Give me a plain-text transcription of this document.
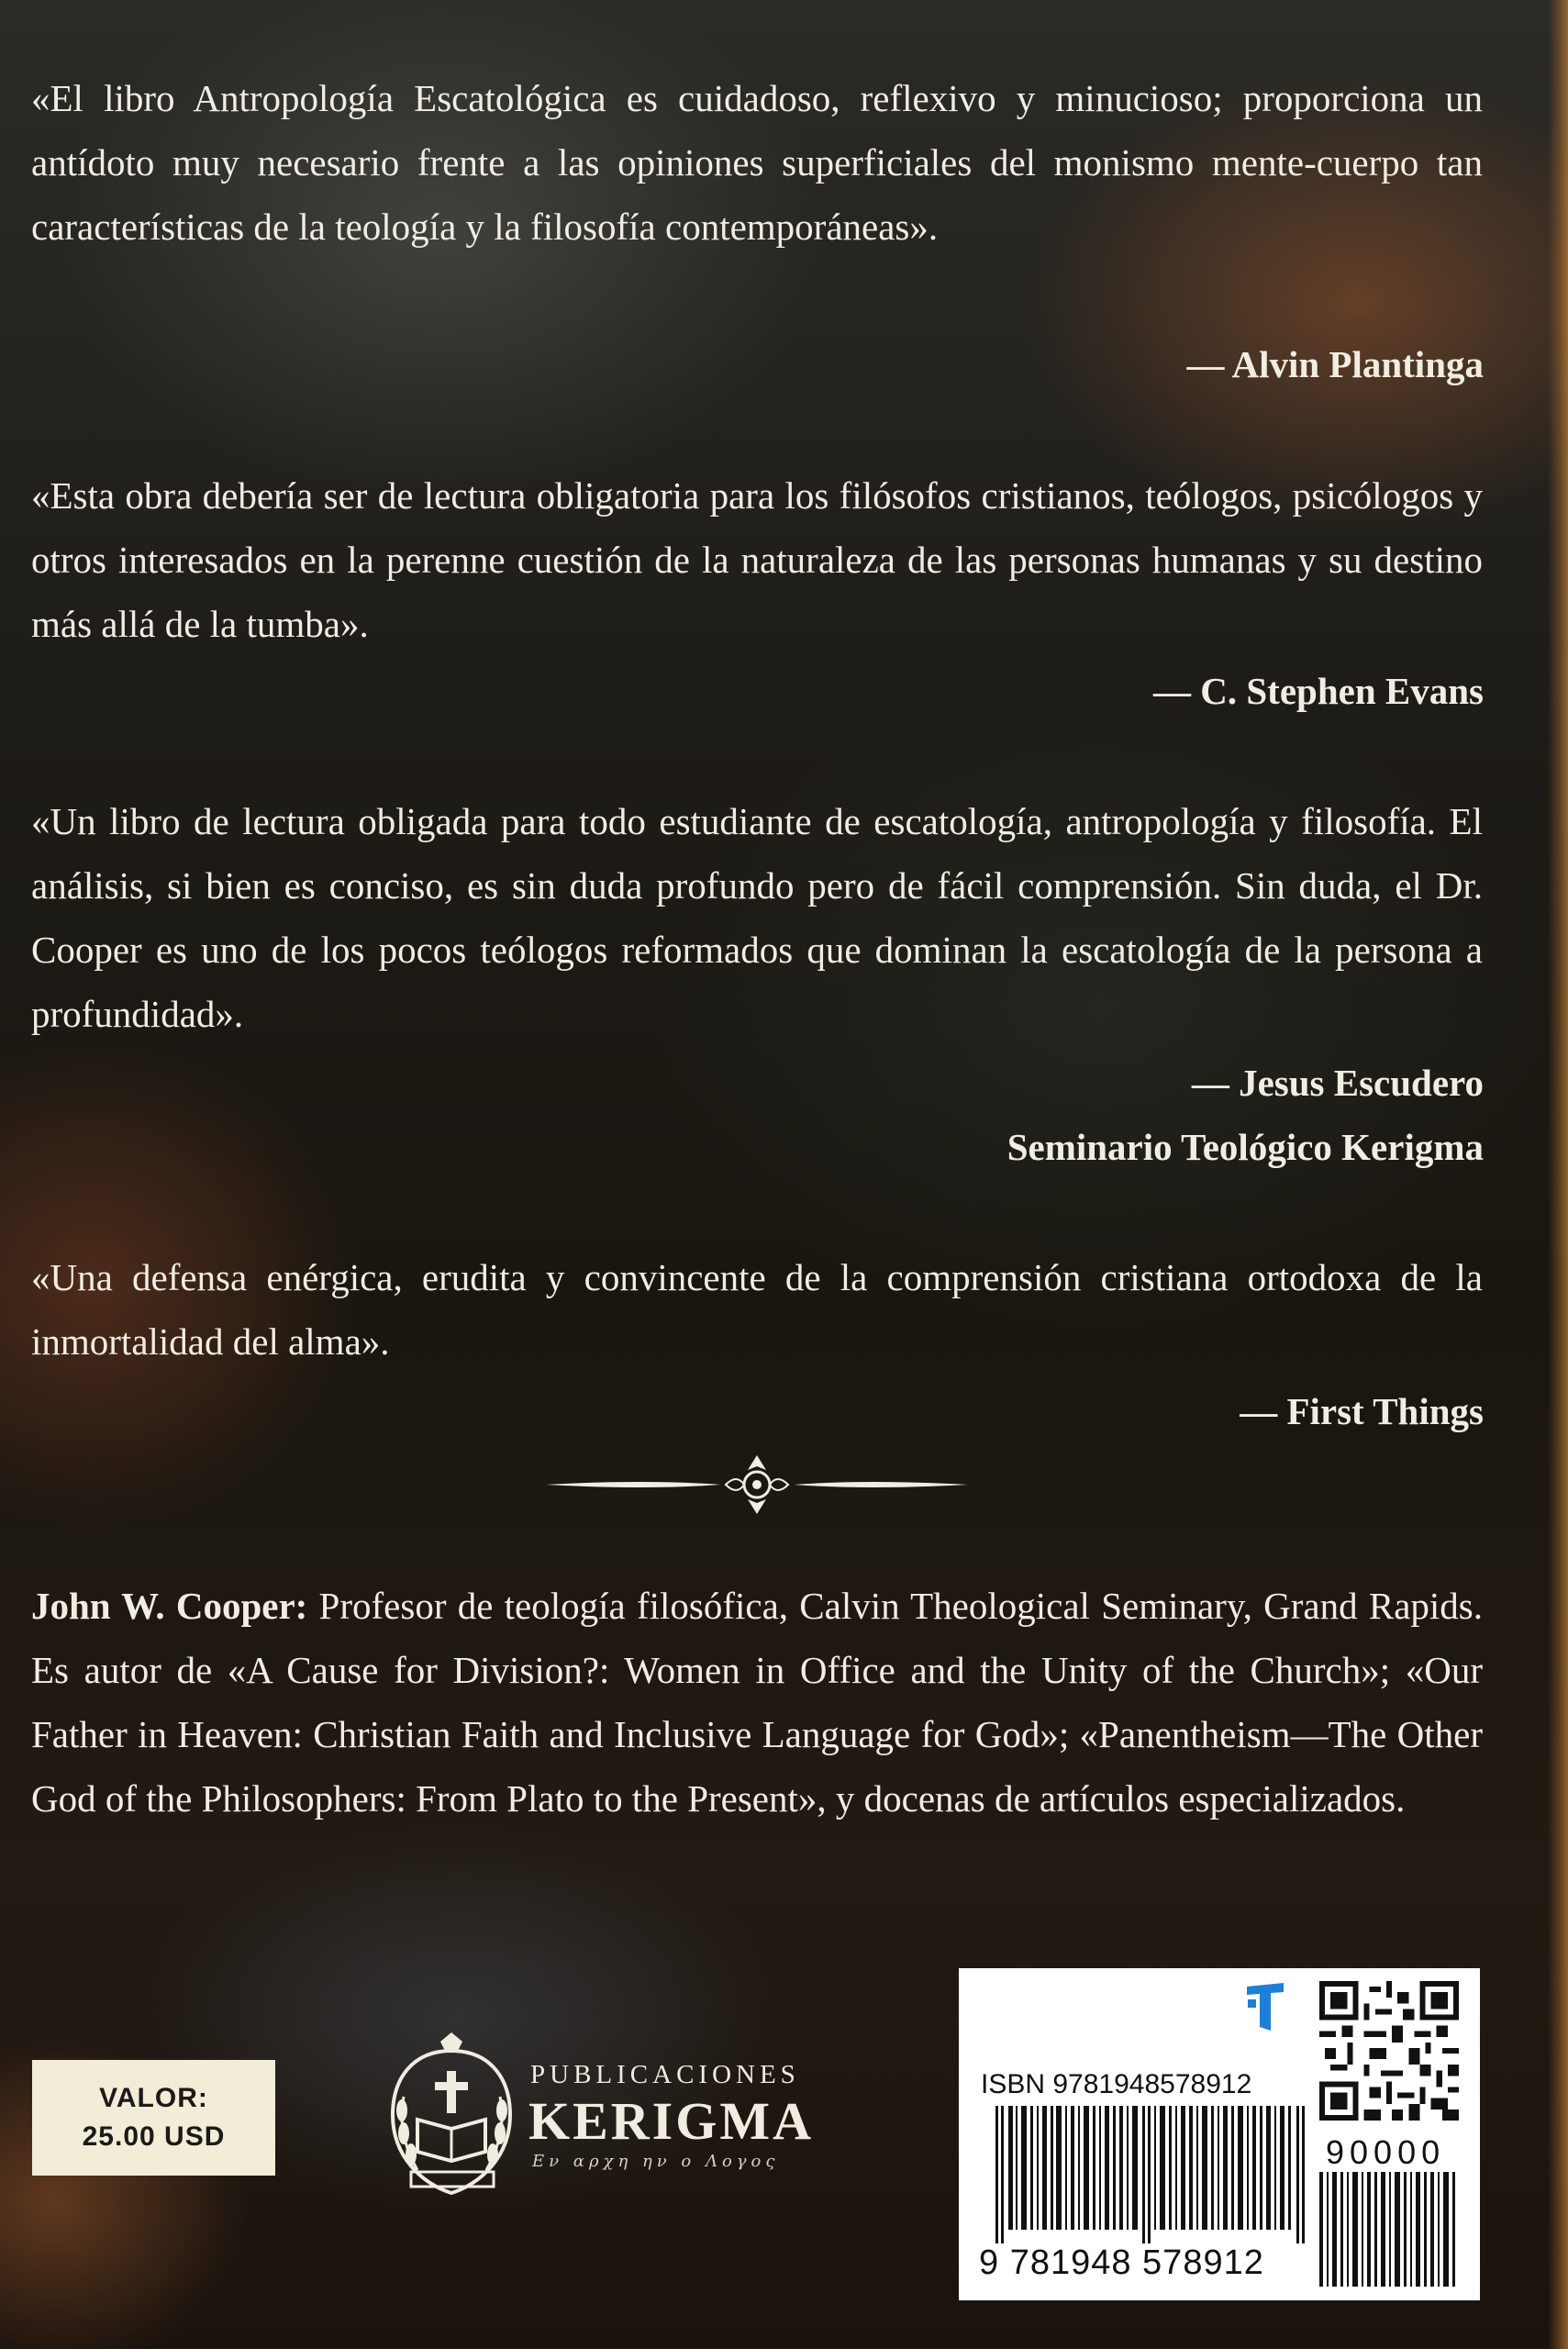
«El libro Antropología Escatológica es cuidadoso, reflexivo y minucioso; proporciona un antídoto muy necesario frente a las opiniones superficiales del monismo mente-cuerpo tan características de la teología y la filosofía contemporáneas».
— Alvin Plantinga
«Esta obra debería ser de lectura obligatoria para los filósofos cristianos, teólogos, psicólogos y otros interesados en la perenne cuestión de la naturaleza de las personas humanas y su destino más allá de la tumba».
— C. Stephen Evans
«Un libro de lectura obligada para todo estudiante de escatología, antropología y filosofía. El análisis, si bien es conciso, es sin duda profundo pero de fácil comprensión. Sin duda, el Dr. Cooper es uno de los pocos teólogos reformados que dominan la escatología de la persona a profundidad».
— Jesus Escudero
Seminario Teológico Kerigma
«Una defensa enérgica, erudita y convincente de la comprensión cristiana ortodoxa de la inmortalidad del alma».
— First Things
John W. Cooper: Profesor de teología filosófica, Calvin Theological Seminary, Grand Rapids. Es autor de «A Cause for Division?: Women in Office and the Unity of the Church»; «Our Father in Heaven: Christian Faith and Inclusive Language for God»; «Panentheism—The Other God of the Philosophers: From Plato to the Present», y docenas de artículos especializados.
VALOR:
25.00 USD
PUBLICACIONES
KERIGMA
Εν αρχη ην ο Λογος
ISBN 9781948578912
90000
9 781948 578912
